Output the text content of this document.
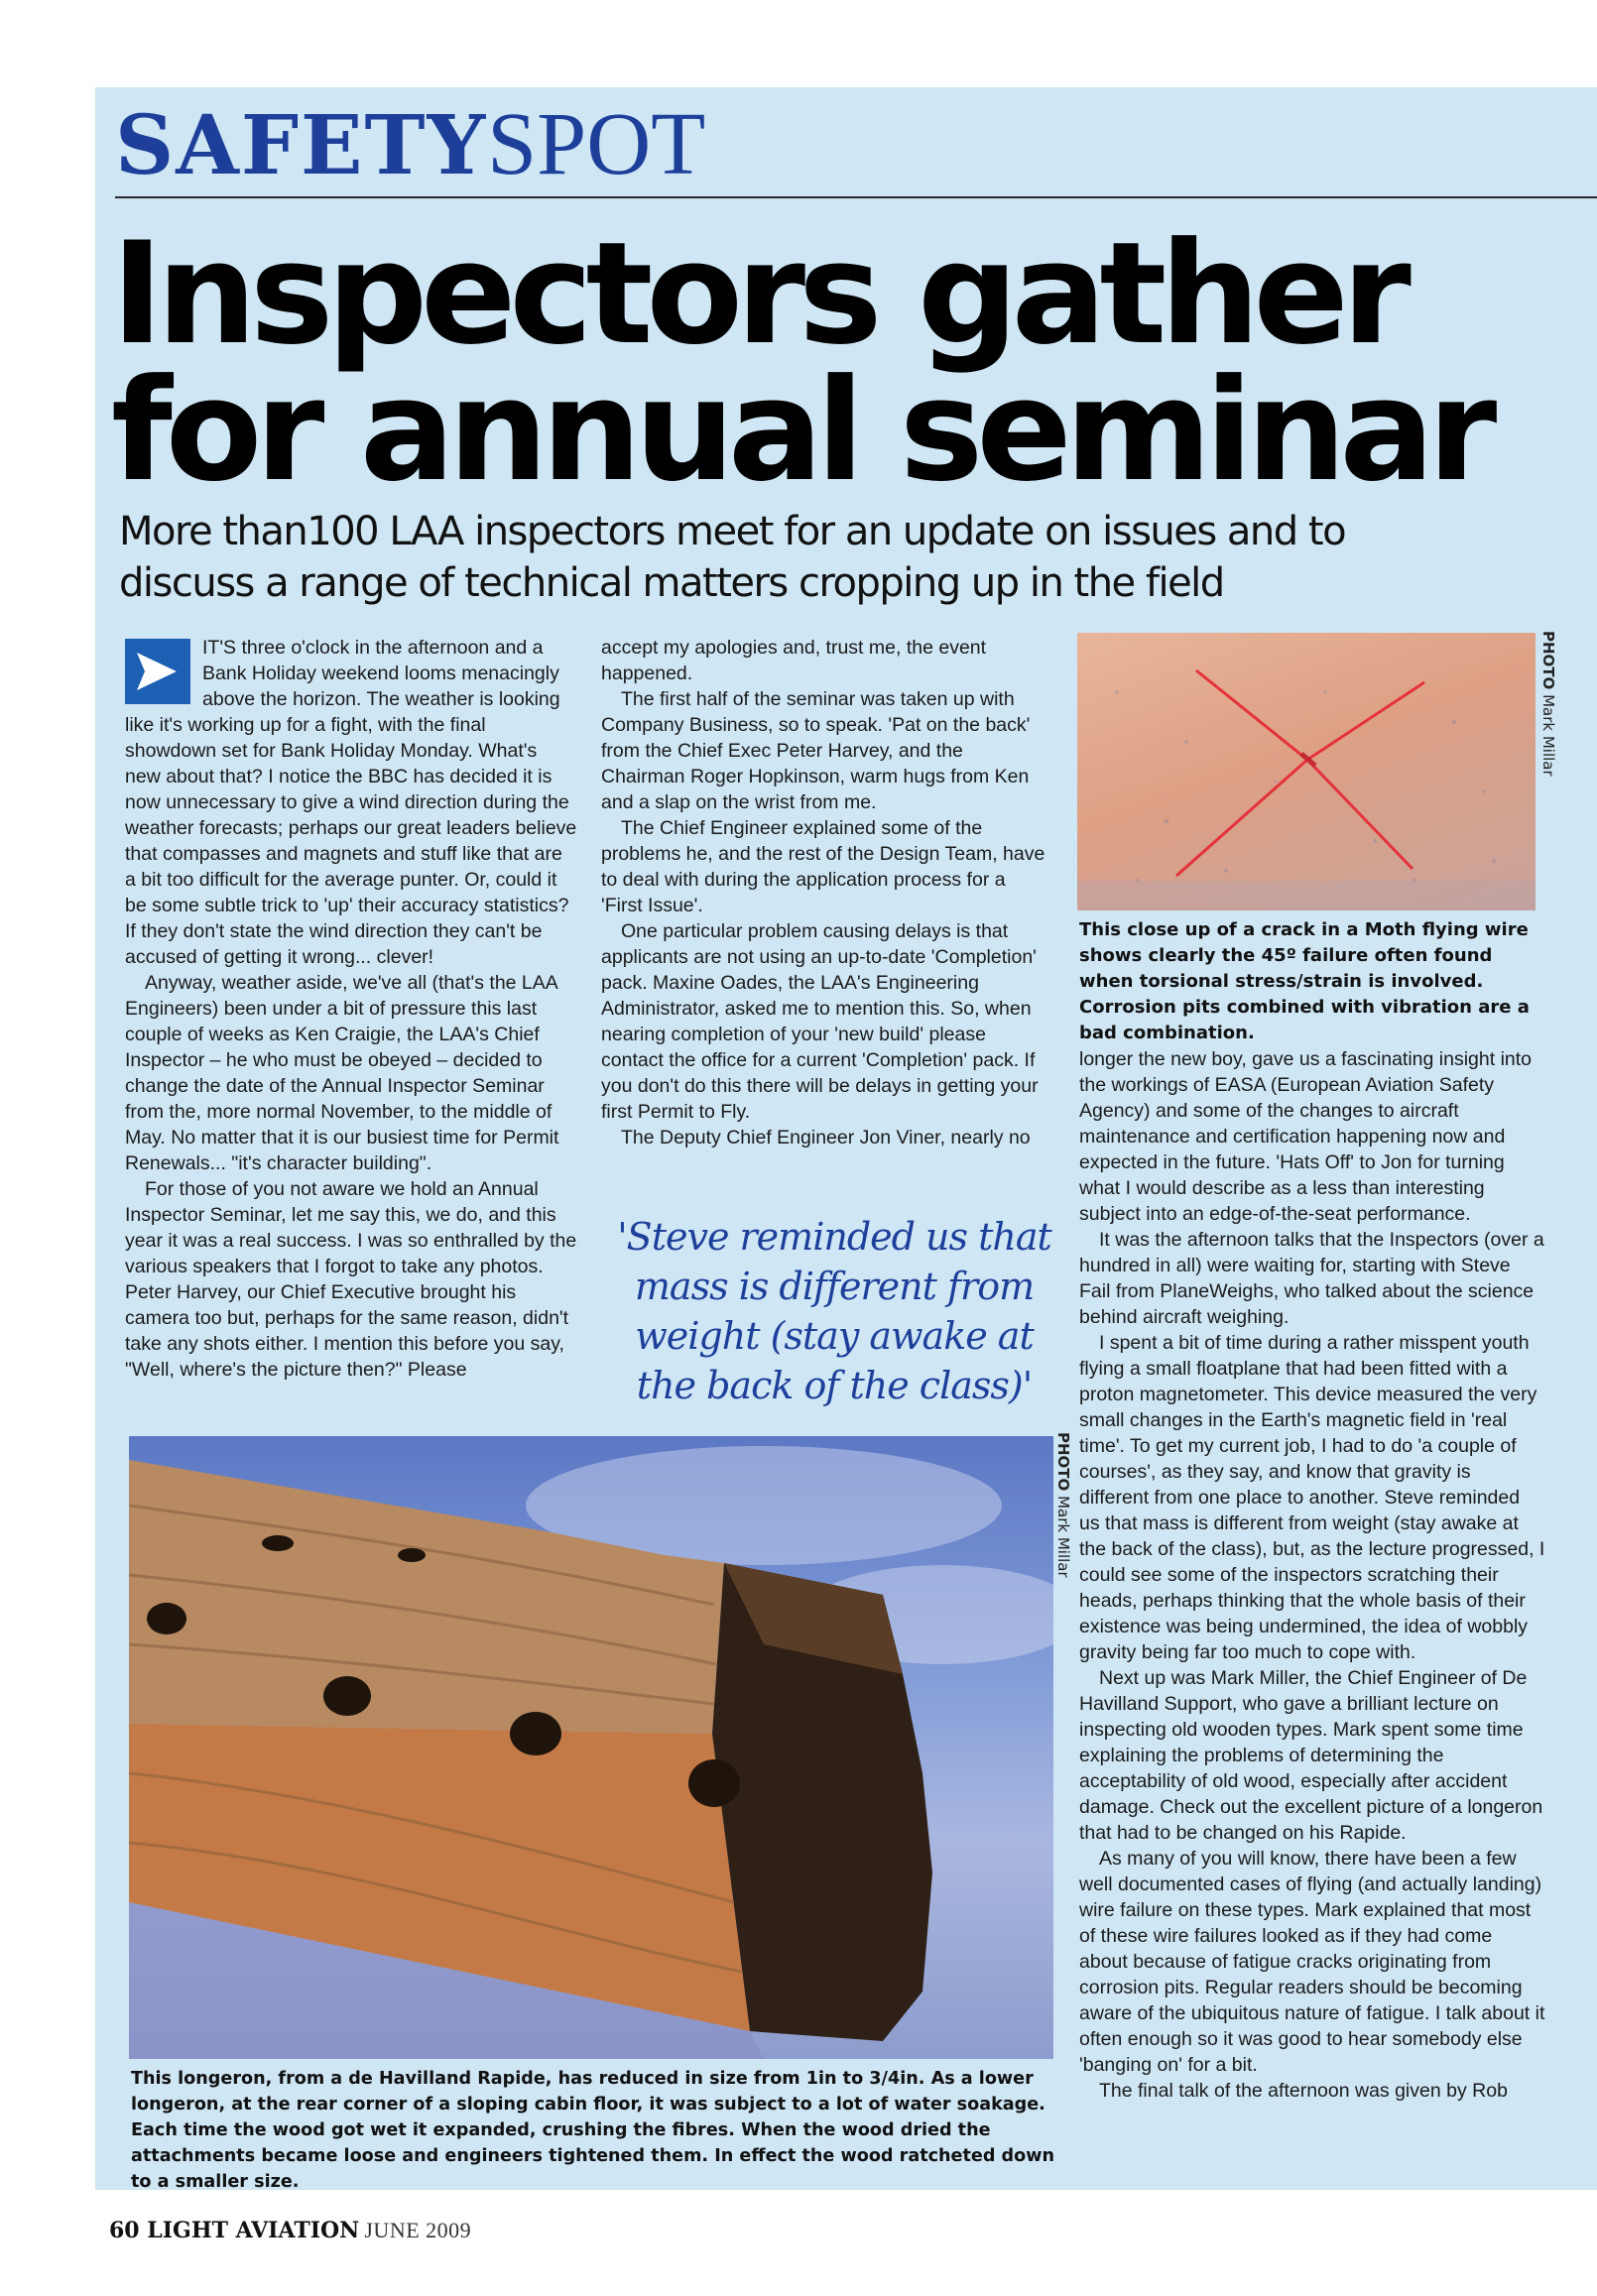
SAFETYSPOT
Inspectors gather for annual seminar

More than100 LAA inspectors meet for an update on issues and to discuss a range of technical matters cropping up in the field

IT'S three o'clock in the afternoon and a Bank Holiday weekend looms menacingly above the horizon. The weather is looking like it's working up for a fight, with the final showdown set for Bank Holiday Monday. What's new about that? I notice the BBC has decided it is now unnecessary to give a wind direction during the weather forecasts; perhaps our great leaders believe that compasses and magnets and stuff like that are a bit too difficult for the average punter. Or, could it be some subtle trick to 'up' their accuracy statistics? If they don't state the wind direction they can't be accused of getting it wrong... clever!

Anyway, weather aside, we've all (that's the LAA Engineers) been under a bit of pressure this last couple of weeks as Ken Craigie, the LAA's Chief Inspector – he who must be obeyed – decided to change the date of the Annual Inspector Seminar from the, more normal November, to the middle of May. No matter that it is our busiest time for Permit Renewals... "it's character building".

For those of you not aware we hold an Annual Inspector Seminar, let me say this, we do, and this year it was a real success. I was so enthralled by the various speakers that I forgot to take any photos. Peter Harvey, our Chief Executive brought his camera too but, perhaps for the same reason, didn't take any shots either. I mention this before you say, "Well, where's the picture then?" Please

accept my apologies and, trust me, the event happened.

The first half of the seminar was taken up with Company Business, so to speak. 'Pat on the back' from the Chief Exec Peter Harvey, and the Chairman Roger Hopkinson, warm hugs from Ken and a slap on the wrist from me.

The Chief Engineer explained some of the problems he, and the rest of the Design Team, have to deal with during the application process for a 'First Issue'.

One particular problem causing delays is that applicants are not using an up-to-date 'Completion' pack. Maxine Oades, the LAA's Engineering Administrator, asked me to mention this. So, when nearing completion of your 'new build' please contact the office for a current 'Completion' pack. If you don't do this there will be delays in getting your first Permit to Fly.

The Deputy Chief Engineer Jon Viner, nearly no

'Steve reminded us that mass is different from weight (stay awake at the back of the class)'

PHOTO Mark Millar

This close up of a crack in a Moth flying wire shows clearly the 45º failure often found when torsional stress/strain is involved. Corrosion pits combined with vibration are a bad combination.

longer the new boy, gave us a fascinating insight into the workings of EASA (European Aviation Safety Agency) and some of the changes to aircraft maintenance and certification happening now and expected in the future. 'Hats Off' to Jon for turning what I would describe as a less than interesting subject into an edge-of-the-seat performance.

It was the afternoon talks that the Inspectors (over a hundred in all) were waiting for, starting with Steve Fail from PlaneWeighs, who talked about the science behind aircraft weighing.

I spent a bit of time during a rather misspent youth flying a small floatplane that had been fitted with a proton magnetometer. This device measured the very small changes in the Earth's magnetic field in 'real time'. To get my current job, I had to do 'a couple of courses', as they say, and know that gravity is different from one place to another. Steve reminded us that mass is different from weight (stay awake at the back of the class), but, as the lecture progressed, I could see some of the inspectors scratching their heads, perhaps thinking that the whole basis of their existence was being undermined, the idea of wobbly gravity being far too much to cope with.

Next up was Mark Miller, the Chief Engineer of De Havilland Support, who gave a brilliant lecture on inspecting old wooden types. Mark spent some time explaining the problems of determining the acceptability of old wood, especially after accident damage. Check out the excellent picture of a longeron that had to be changed on his Rapide.

As many of you will know, there have been a few well documented cases of flying (and actually landing) wire failure on these types. Mark explained that most of these wire failures looked as if they had come about because of fatigue cracks originating from corrosion pits. Regular readers should be becoming aware of the ubiquitous nature of fatigue. I talk about it often enough so it was good to hear somebody else 'banging on' for a bit.

The final talk of the afternoon was given by Rob

PHOTO Mark Millar

This longeron, from a de Havilland Rapide, has reduced in size from 1in to 3/4in. As a lower longeron, at the rear corner of a sloping cabin floor, it was subject to a lot of water soakage. Each time the wood got wet it expanded, crushing the fibres. When the wood dried the attachments became loose and engineers tightened them. In effect the wood ratcheted down to a smaller size.

60 LIGHT AVIATION JUNE 2009
